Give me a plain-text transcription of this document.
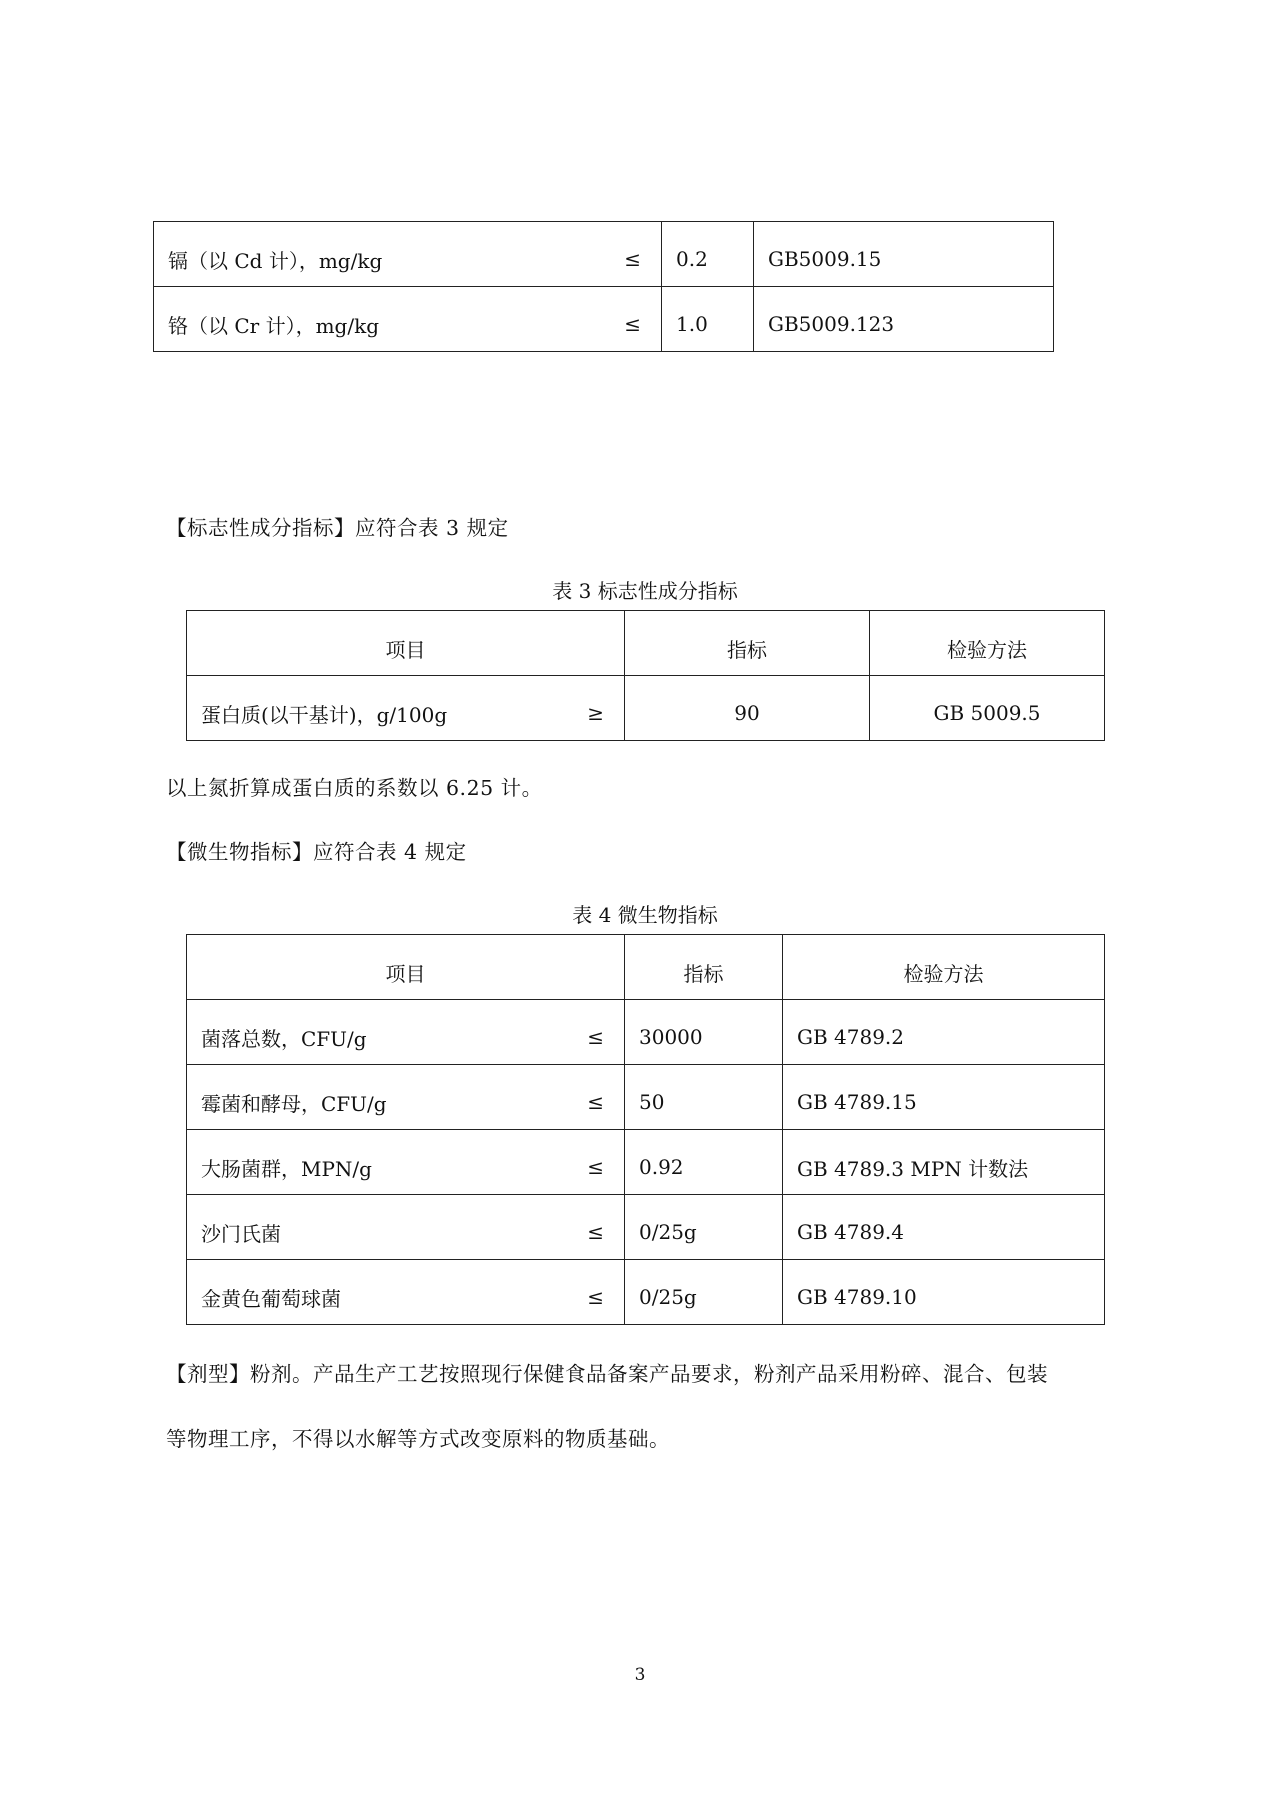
镉（以 Cd 计），mg/kg ≤	0.2	GB5009.15

铬（以 Cr 计），mg/kg ≤	1.0	GB5009.123
【标志性成分指标】应符合表 3 规定
表 3 标志性成分指标
项目	指标	检验方法

蛋白质(以干基计)，g/100g ≥	90	GB 5009.5
以上氮折算成蛋白质的系数以 6.25 计。
【微生物指标】应符合表 4 规定
表 4 微生物指标
项目	指标	检验方法

菌落总数，CFU/g ≤	30000	GB 4789.2

霉菌和酵母，CFU/g ≤	50	GB 4789.15

大肠菌群，MPN/g ≤	0.92	GB 4789.3 MPN 计数法

沙门氏菌 ≤	0/25g	GB 4789.4

金黄色葡萄球菌 ≤	0/25g	GB 4789.10
【剂型】粉剂。产品生产工艺按照现行保健食品备案产品要求，粉剂产品采用粉碎、混合、包装
等物理工序，不得以水解等方式改变原料的物质基础。
3
